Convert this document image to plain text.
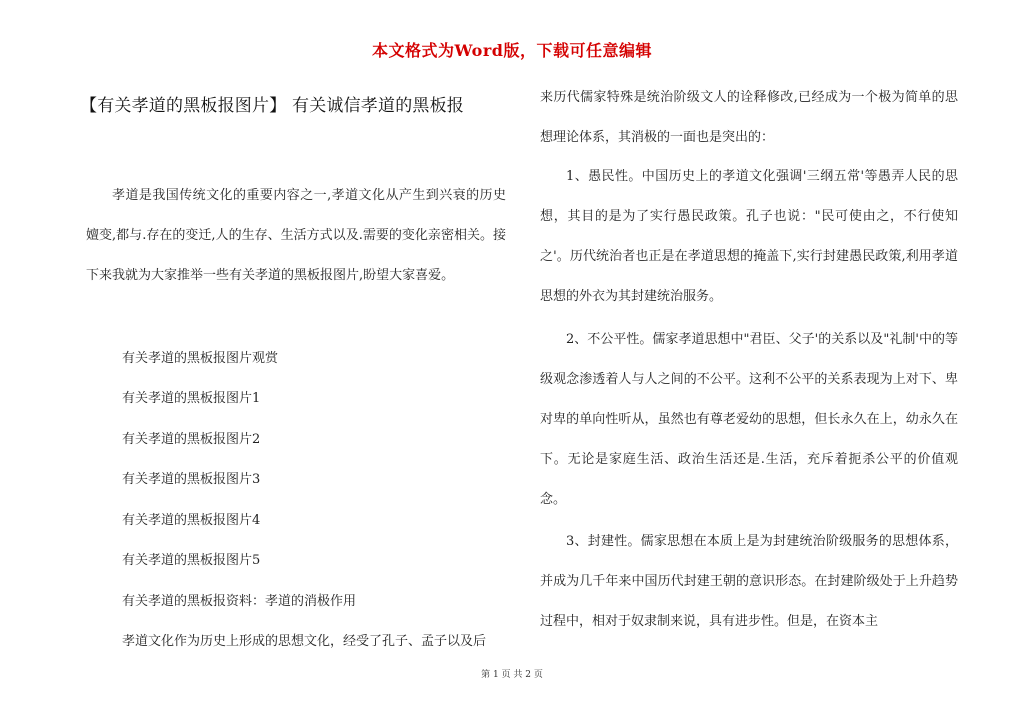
本文格式为Word版，下载可任意编辑
【有关孝道的黑板报图片】 有关诚信孝道的黑板报
孝道是我国传统文化的重要内容之一,孝道文化从产生到兴衰的历史嬗变,都与.存在的变迁,人的生存、生活方式以及.需要的变化亲密相关。接下来我就为大家推举一些有关孝道的黑板报图片,盼望大家喜爱。
有关孝道的黑板报图片观赏
有关孝道的黑板报图片1
有关孝道的黑板报图片2
有关孝道的黑板报图片3
有关孝道的黑板报图片4
有关孝道的黑板报图片5
有关孝道的黑板报资料：孝道的消极作用
孝道文化作为历史上形成的思想文化，经受了孔子、孟子以及后
来历代儒家特殊是统治阶级文人的诠释修改,已经成为一个极为简单的思想理论体系，其消极的一面也是突出的：
1、愚民性。中国历史上的孝道文化强调'三纲五常'等愚弄人民的思想，其目的是为了实行愚民政策。孔子也说："民可使由之，不行使知之'。历代统治者也正是在孝道思想的掩盖下,实行封建愚民政策,利用孝道思想的外衣为其封建统治服务。
2、不公平性。儒家孝道思想中"君臣、父子'的关系以及"礼制'中的等级观念渗透着人与人之间的不公平。这利不公平的关系表现为上对下、卑对卑的单向性听从，虽然也有尊老爱幼的思想，但长永久在上，幼永久在下。无论是家庭生活、政治生活还是.生活，充斥着扼杀公平的价值观念。
3、封建性。儒家思想在本质上是为封建统治阶级服务的思想体系，并成为几千年来中国历代封建王朝的意识形态。在封建阶级处于上升趋势过程中，相对于奴隶制来说，具有进步性。但是，在资本主
第 1 页 共 2 页
